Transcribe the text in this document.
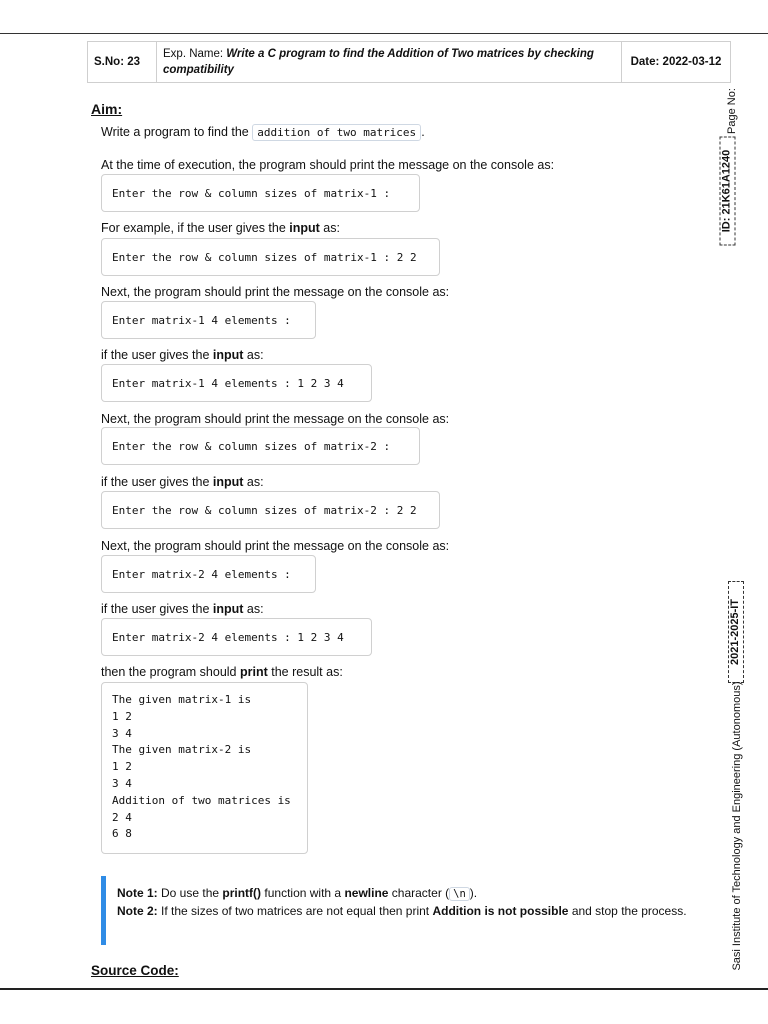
S.No: 23	Exp. Name: Write a C program to find the Addition of Two matrices by checking compatibility	Date: 2022-03-12
Aim:
Write a program to find the addition of two matrices .
At the time of execution, the program should print the message on the console as:
Enter the row & column sizes of matrix-1 :
For example, if the user gives the input as:
Enter the row & column sizes of matrix-1 : 2 2
Next, the program should print the message on the console as:
Enter matrix-1 4 elements :
if the user gives the input as:
Enter matrix-1 4 elements : 1 2 3 4
Next, the program should print the message on the console as:
Enter the row & column sizes of matrix-2 :
if the user gives the input as:
Enter the row & column sizes of matrix-2 : 2 2
Next, the program should print the message on the console as:
Enter matrix-2 4 elements :
if the user gives the input as:
Enter matrix-2 4 elements : 1 2 3 4
then the program should print the result as:
The given matrix-1 is
1 2
3 4
The given matrix-2 is
1 2
3 4
Addition of two matrices is
2 4
6 8
Note 1: Do use the printf() function with a newline character ( \n ).
Note 2: If the sizes of two matrices are not equal then print Addition is not possible and stop the process.
Source Code:
Page No:
ID: 21K61A1240
2021-2025-IT
Sasi Institute of Technology and Engineering (Autonomous)
